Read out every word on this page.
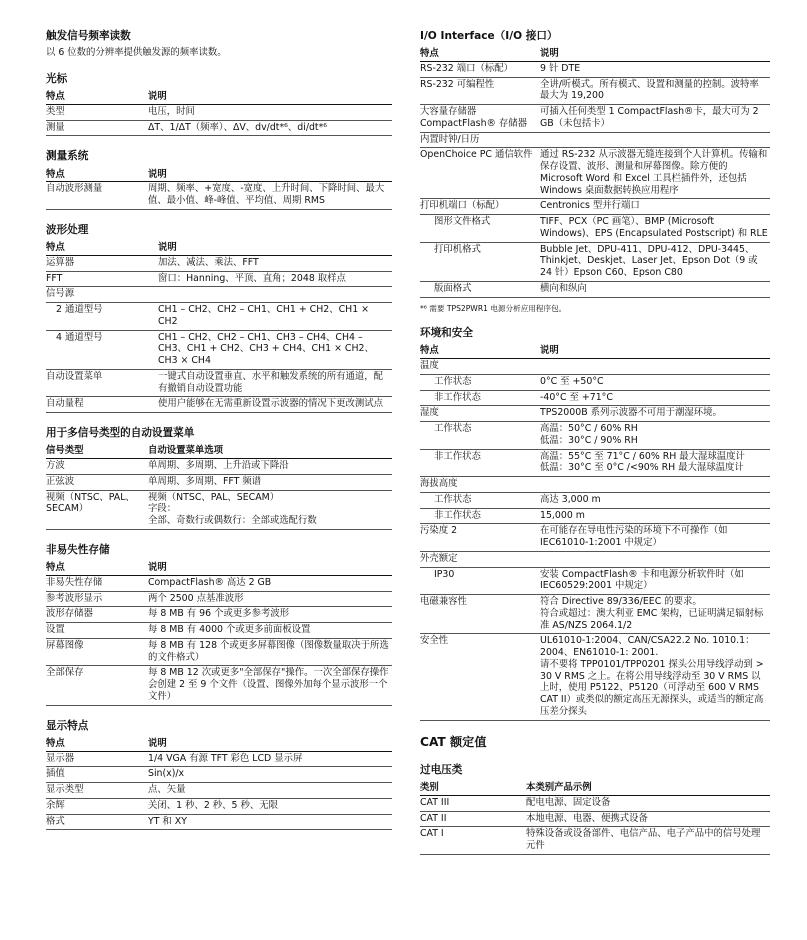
触发信号频率读数
以 6 位数的分辨率提供触发源的频率读数。
光标
特点	说明
类型	电压，时间
测量	ΔT、1/ΔT（频率）、ΔV、dv/dt*⁶、di/dt*⁶
测量系统
特点	说明
自动波形测量	周期、频率、+宽度、-宽度、上升时间、下降时间、最大值、最小值、峰-峰值、平均值、周期 RMS
波形处理
特点	说明
运算器	加法、减法、乘法、FFT
FFT	窗口：Hanning、平顶、直角；2048 取样点
信号源	
2 通道型号	CH1 – CH2、CH2 – CH1、CH1 + CH2、CH1 × CH2
4 通道型号	CH1 – CH2、CH2 – CH1、CH3 – CH4、CH4 – CH3、CH1 + CH2、CH3 + CH4、CH1 × CH2、CH3 × CH4
自动设置菜单	一键式自动设置垂直、水平和触发系统的所有通道，配有撤销自动设置功能
自动量程	使用户能够在无需重新设置示波器的情况下更改测试点
用于多信号类型的自动设置菜单
信号类型	自动设置菜单选项
方波	单周期、多周期、上升沿或下降沿
正弦波	单周期、多周期、FFT 频谱
视频（NTSC、PAL、SECAM）	视频（NTSC、PAL、SECAM）
字段：
全部、奇数行或偶数行：全部或选配行数
非易失性存储
特点	说明
非易失性存储	CompactFlash® 高达 2 GB
参考波形显示	两个 2500 点基准波形
波形存储器	每 8 MB 有 96 个或更多参考波形
设置	每 8 MB 有 4000 个或更多前面板设置
屏幕图像	每 8 MB 有 128 个或更多屏幕图像（图像数量取决于所选的文件格式）
全部保存	每 8 MB 12 次或更多"全部保存"操作。一次全部保存操作会创建 2 至 9 个文件（设置、图像外加每个显示波形一个文件）
显示特点
特点	说明
显示器	1/4 VGA 有源 TFT 彩色 LCD 显示屏
插值	Sin(x)/x
显示类型	点、矢量
余辉	关闭、1 秒、2 秒、5 秒、无限
格式	YT 和 XY
I/O Interface（I/O 接口）
特点	说明
RS-232 端口（标配）	9 针 DTE
RS-232 可编程性	全讲/听模式。所有模式、设置和测量的控制。波特率最大为 19,200
大容量存储器 CompactFlash® 存储器	可插入任何类型 1 CompactFlash®卡，最大可为 2 GB（未包括卡）
内置时钟/日历	
OpenChoice PC 通信软件	通过 RS-232 从示波器无缝连接到个人计算机。传输和保存设置、波形、测量和屏幕图像。除方便的 Microsoft Word 和 Excel 工具栏插件外，还包括 Windows 桌面数据转换应用程序
打印机端口（标配）	Centronics 型并行端口
图形文件格式	TIFF、PCX（PC 画笔）、BMP (Microsoft Windows)、EPS (Encapsulated Postscript) 和 RLE
打印机格式	Bubble Jet、DPU-411、DPU-412、DPU-3445、Thinkjet、Deskjet、Laser Jet、Epson Dot（9 或 24 针）Epson C60、Epson C80
版面格式	横向和纵向
*⁶ 需要 TPS2PWR1 电源分析应用程序包。
环境和安全
特点	说明
温度	
工作状态	0°C 至 +50°C
非工作状态	-40°C 至 +71°C
湿度	TPS2000B 系列示波器不可用于潮湿环境。
工作状态	高温：50°C / 60% RH
低温：30°C / 90% RH
非工作状态	高温：55°C 至 71°C / 60% RH 最大湿球温度计
低温：30°C 至 0°C /<90% RH 最大湿球温度计
海拔高度	
工作状态	高达 3,000 m
非工作状态	15,000 m
污染度 2	在可能存在导电性污染的环境下不可操作（如 IEC61010-1:2001 中规定）
外壳额定	
IP30	安装 CompactFlash® 卡和电源分析软件时（如 IEC60529:2001 中规定）
电磁兼容性	符合 Directive 89/336/EEC 的要求。
符合或超过：澳大利亚 EMC 架构，已证明满足辐射标准 AS/NZS 2064.1/2
安全性	UL61010-1:2004、CAN/CSA22.2 No. 1010.1：2004、EN61010-1: 2001.
请不要将 TPP0101/TPP0201 探头公用导线浮动到 > 30 V RMS 之上。在将公用导线浮动至 30 V RMS 以上时，使用 P5122、P5120（可浮动至 600 V RMS CAT II）或类似的额定高压无源探头，或适当的额定高压差分探头
CAT 额定值
过电压类
类别	本类别产品示例
CAT III	配电电源、固定设备
CAT II	本地电源、电器、便携式设备
CAT I	特殊设备或设备部件、电信产品、电子产品中的信号处理元件
